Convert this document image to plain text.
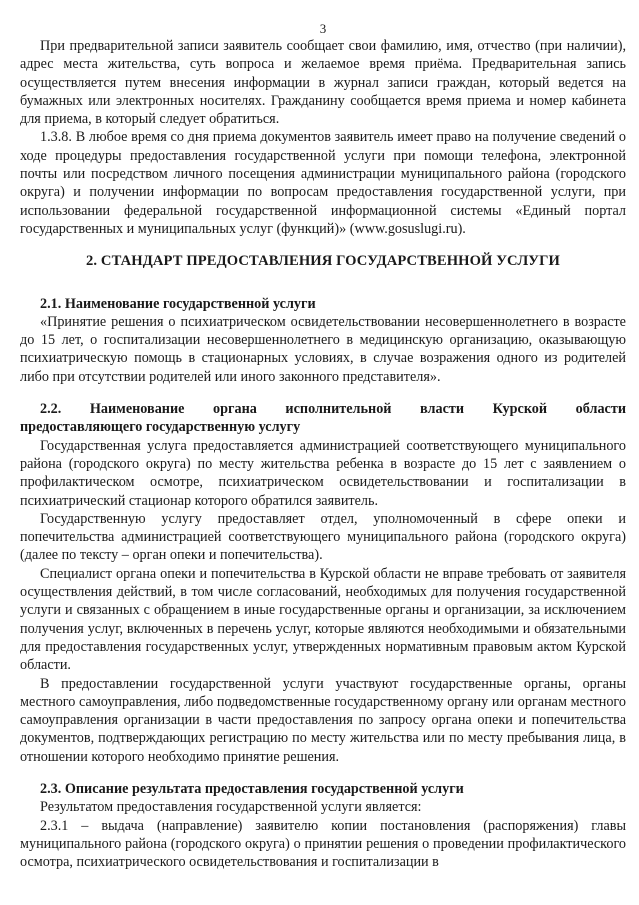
3

При предварительной записи заявитель сообщает свои фамилию, имя, отчество (при наличии), адрес места жительства, суть вопроса и желаемое время приёма. Предварительная запись осуществляется путем внесения информации в журнал записи граждан, который ведется на бумажных или электронных носителях. Гражданину сообщается время приема и номер кабинета для приема, в который следует обратиться.

1.3.8. В любое время со дня приема документов заявитель имеет право на получение сведений о ходе процедуры предоставления государственной услуги при помощи телефона, электронной почты или посредством личного посещения администрации муниципального района (городского округа) и получении информации по вопросам предоставления государственной услуги, при использовании федеральной государственной информационной системы «Единый портал государственных и муниципальных услуг (функций)» (www.gosuslugi.ru).

2. СТАНДАРТ ПРЕДОСТАВЛЕНИЯ ГОСУДАРСТВЕННОЙ УСЛУГИ
2.1. Наименование государственной услуги

«Принятие решения о психиатрическом освидетельствовании несовершеннолетнего в возрасте до 15 лет, о госпитализации несовершеннолетнего в медицинскую организацию, оказывающую психиатрическую помощь в стационарных условиях, в случае возражения одного из родителей либо при отсутствии родителей или иного законного представителя».

2.2. Наименование органа исполнительной власти Курской области
предоставляющего государственную услугу

Государственная услуга предоставляется администрацией соответствующего муниципального района (городского округа) по месту жительства ребенка в возрасте до 15 лет с заявлением о профилактическом осмотре, психиатрическом освидетельствовании и госпитализации в психиатрический стационар которого обратился заявитель.

Государственную услугу предоставляет отдел, уполномоченный в сфере опеки и попечительства администрацией соответствующего муниципального района (городского округа) (далее по тексту – орган опеки и попечительства).

Специалист органа опеки и попечительства в Курской области не вправе требовать от заявителя осуществления действий, в том числе согласований, необходимых для получения государственной услуги и связанных с обращением в иные государственные органы и организации, за исключением получения услуг, включенных в перечень услуг, которые являются необходимыми и обязательными для предоставления государственных услуг, утвержденных нормативным правовым актом Курской области.

В предоставлении государственной услуги участвуют государственные органы, органы местного самоуправления, либо подведомственные государственному органу или органам местного самоуправления организации в части предоставления по запросу органа опеки и попечительства документов, подтверждающих регистрацию по месту жительства или по месту пребывания лица, в отношении которого необходимо принятие решения.

2.3. Описание результата предоставления государственной услуги

Результатом предоставления государственной услуги является:

2.3.1 – выдача (направление) заявителю копии постановления (распоряжения) главы муниципального района (городского округа) о принятии решения о проведении профилактического осмотра, психиатрического освидетельствования и госпитализации в
